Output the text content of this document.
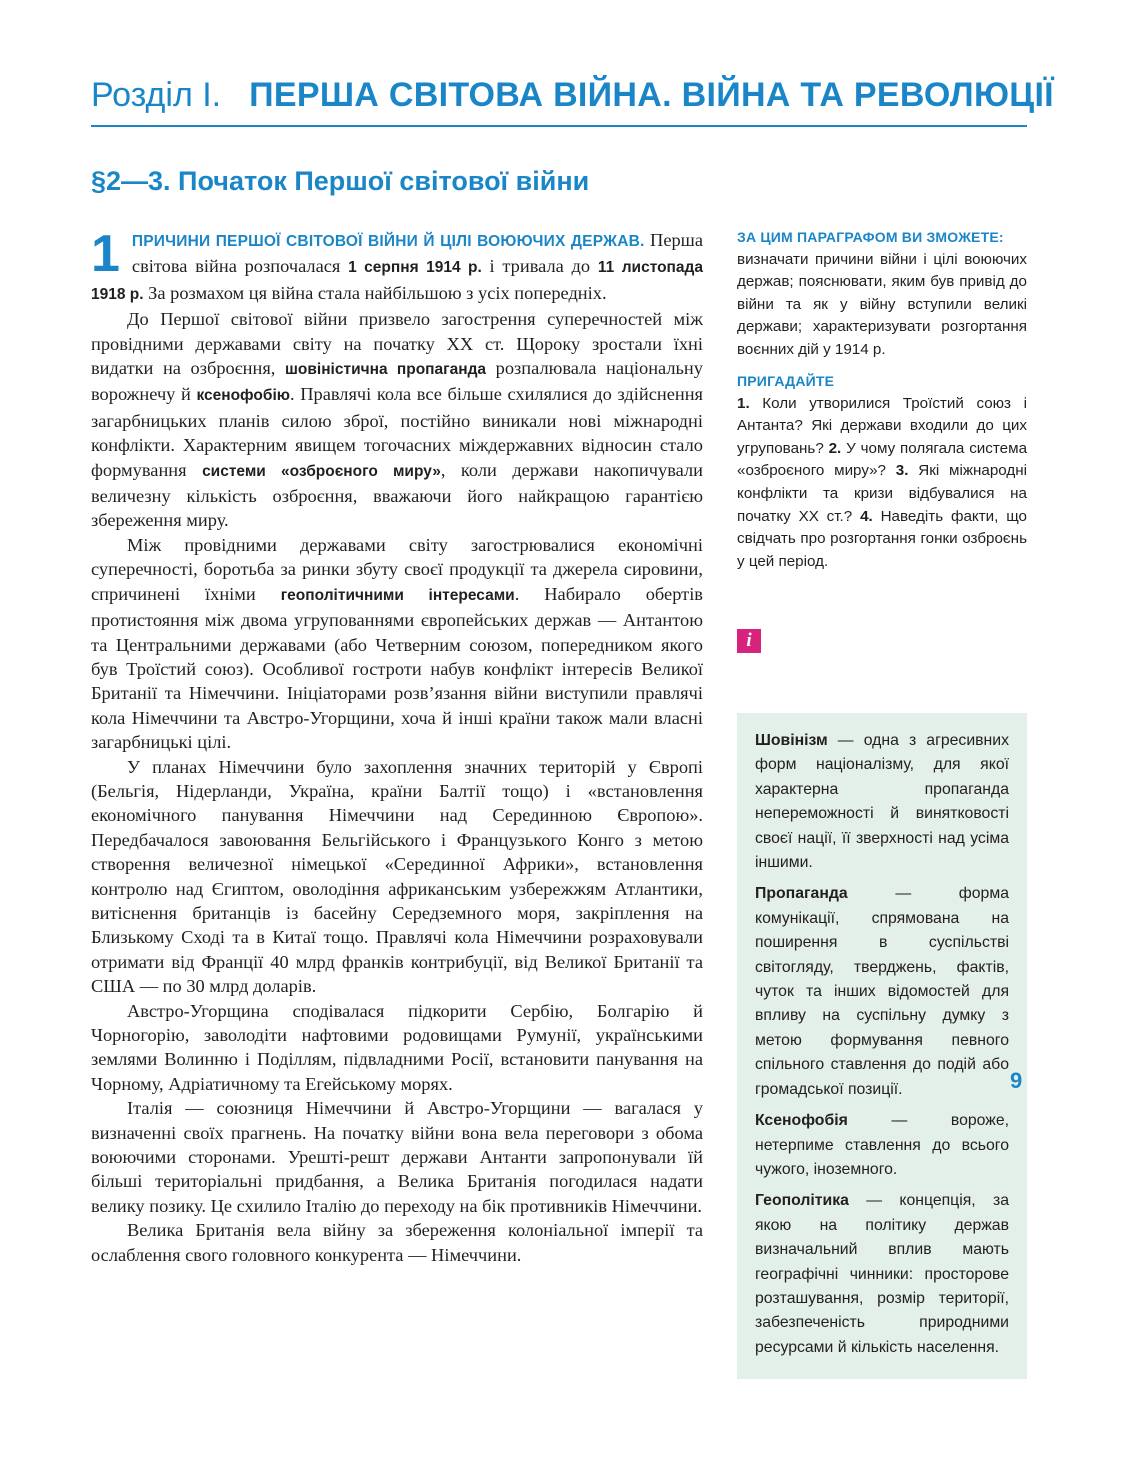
Розділ І. ПЕРША СВІТОВА ВІЙНА. ВІЙНА ТА РЕВОЛЮЦІЇ
§2—3. Початок Першої світової війни

1 ПРИЧИНИ ПЕРШОЇ СВІТОВОЇ ВІЙНИ Й ЦІЛІ ВОЮЮЧИХ ДЕРЖАВ. Перша світова війна розпочалася 1 серпня 1914 р. і тривала до 11 листопада 1918 р. За розмахом ця війна стала найбільшою з усіх попередніх.

До Першої світової війни призвело загострення суперечностей між провідними державами світу на початку ХХ ст. Щороку зростали їхні видатки на озброєння, шовіністична пропаганда розпалювала національну ворожнечу й ксенофобію. Правлячі кола все більше схилялися до здійснення загарбницьких планів силою зброї, постійно виникали нові міжнародні конфлікти. Характерним явищем тогочасних міждержавних відносин стало формування системи «озброєного миру», коли держави накопичували величезну кількість озброєння, вважаючи його найкращою гарантією збереження миру.

Між провідними державами світу загострювалися економічні суперечності, боротьба за ринки збуту своєї продукції та джерела сировини, спричинені їхніми геополітичними інтересами. Набирало обертів протистояння між двома угрупованнями європейських держав — Антантою та Центральними державами (або Четверним союзом, попередником якого був Троїстий союз). Особливої гостроти набув конфлікт інтересів Великої Британії та Німеччини. Ініціаторами розв’язання війни виступили правлячі кола Німеччини та Австро-Угорщини, хоча й інші країни також мали власні загарбницькі цілі.

У планах Німеччини було захоплення значних територій у Європі (Бельгія, Нідерланди, Україна, країни Балтії тощо) і «встановлення економічного панування Німеччини над Серединною Європою». Передбачалося завоювання Бельгійського і Французького Конго з метою створення величезної німецької «Серединної Африки», встановлення контролю над Єгиптом, оволодіння африканським узбережжям Атлантики, витіснення британців із басейну Середземного моря, закріплення на Близькому Сході та в Китаї тощо. Правлячі кола Німеччини розраховували отримати від Франції 40 млрд франків контрибуції, від Великої Британії та США — по 30 млрд доларів.

Австро-Угорщина сподівалася підкорити Сербію, Болгарію й Чорногорію, заволодіти нафтовими родовищами Румунії, українськими землями Волинню і Поділлям, підвладними Росії, встановити панування на Чорному, Адріатичному та Егейському морях.

Італія — союзниця Німеччини й Австро-Угорщини — вагалася у визначенні своїх прагнень. На початку війни вона вела переговори з обома воюючими сторонами. Урешті-решт держави Антанти запропонували їй більші територіальні придбання, а Велика Британія погодилася надати велику позику. Це схилило Італію до переходу на бік противників Німеччини.

Велика Британія вела війну за збереження колоніальної імперії та ослаблення свого головного конкурента — Німеччини.

ЗА ЦИМ ПАРАГРАФОМ ВИ ЗМОЖЕТЕ:

визначати причини війни і цілі воюючих держав; пояснювати, яким був привід до війни та як у війну вступили великі держави; характеризувати розгортання воєнних дій у 1914 р.

ПРИГАДАЙТЕ

1. Коли утворилися Троїстий союз і Антанта? Які держави входили до цих угруповань? 2. У чому полягала система «озброєного миру»? 3. Які міжнародні конфлікти та кризи відбувалися на початку ХХ ст.? 4. Наведіть факти, що свідчать про розгортання гонки озброєнь у цей період.

i

Шовінізм — одна з агресивних форм націоналізму, для якої характерна пропаганда непереможності й винятковості своєї нації, її зверхності над усіма іншими.

Пропаганда — форма комунікації, спрямована на поширення в суспільстві світогляду, тверджень, фактів, чуток та інших відомостей для впливу на суспільну думку з метою формування певного спільного ставлення до подій або громадської позиції.

Ксенофобія — вороже, нетерпиме ставлення до всього чужого, іноземного.

Геополітика — концепція, за якою на політику держав визначальний вплив мають географічні чинники: просторове розташування, розмір території, забезпеченість природними ресурсами й кількість населення.

9
